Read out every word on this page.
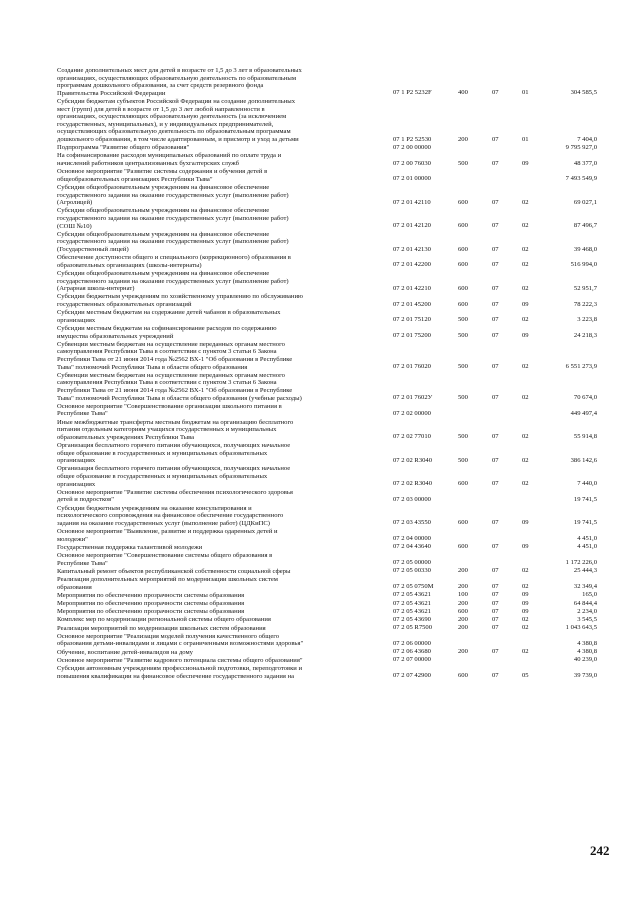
Создание дополнительных мест для детей в возрасте от 1,5 до 3 лет в образовательных
организациях, осуществляющих образовательную деятельность по образовательным
программам дошкольного образования, за счет средств резервного фонда
Правительства Российской Федерации	07 1 P2 5232F	400	07	01	304 585,5
Субсидии бюджетам субъектов Российской Федерации на создание дополнительных
мест (групп) для детей в возрасте от 1,5 до 3 лет любой направленности в
организациях, осуществляющих образовательную деятельность (за исключением
государственных, муниципальных), и у индивидуальных предпринимателей,
осуществляющих образовательную деятельность по образовательным программам
дошкольного образования, в том числе адаптированным, и присмотр и уход за детьми	07 1 P2 52530	200	07	01	7 404,0
Подпрограмма "Развитие общего образования"	07 2 00 00000	9 795 927,0
На софинансирование расходов муниципальных образований по оплате труда и
начислений работников централизованных бухгалтерских служб	07 2 00 76030	500	07	09	48 377,0
Основное мероприятие "Развитие системы содержания и обучения детей в
общеобразовательных организациях Республики Тыва"	07 2 01 00000	7 493 549,9
Субсидии общеобразовательным учреждениям на финансовое обеспечение
государственного задания на оказание государственных услуг (выполнение работ)
(Агролицей)	07 2 01 42110	600	07	02	69 027,1
Субсидии общеобразовательным учреждениям на финансовое обеспечение
государственного задания на оказание государственных услуг (выполнение работ)
(СОШ №10)	07 2 01 42120	600	07	02	87 496,7
Субсидии общеобразовательным учреждениям на финансовое обеспечение
государственного задания на оказание государственных услуг (выполнение работ)
(Государственный лицей)	07 2 01 42130	600	07	02	39 468,0
Обеспечение доступности общего и специального (коррекционного) образования в
образовательных организациях (школы-интернаты)	07 2 01 42200	600	07	02	516 994,0
Субсидии общеобразовательным учреждениям на финансовое обеспечение
государственного задания на оказание государственных услуг (выполнение работ)
(Аграрная школа-интернат)	07 2 01 42210	600	07	02	52 951,7
Субсидии бюджетным учреждениям по хозяйственному управлению по обслуживанию
государственных образовательных организаций	07 2 01 45200	600	07	09	78 222,3
Субсидии местным бюджетам на содержание детей чабанов в образовательных
организациях	07 2 01 75120	500	07	02	3 223,8
Субсидии местным бюджетам на софинансирование расходов по содержанию
имущества образовательных учреждений	07 2 01 75200	500	07	09	24 218,3
Субвенции местным бюджетам на осуществление переданных органам местного
самоуправления Республики Тыва в соответствии с пунктом 3 статьи 6 Закона
Республики Тыва от 21 июня 2014 года №2562 ВХ-1 "Об образовании в Республике
Тыва" полномочий Республики Тыва в области общего образования	07 2 01 76020	500	07	02	6 551 273,9
Субвенции местным бюджетам на осуществление переданных органам местного
самоуправления Республики Тыва в соответствии с пунктом 3 статьи 6 Закона
Республики Тыва от 21 июня 2014 года №2562 ВХ-1 "Об образовании в Республике
Тыва" полномочий Республики Тыва в области общего образования (учебные расходы)	07 2 01 7602У	500	07	02	70 674,0
Основное мероприятие "Совершенствование организации школьного питания в
Республике Тыва"	07 2 02 00000	449 497,4
Иные межбюджетные трансферты местным бюджетам на организацию бесплатного
питания отдельным категориям учащихся государственных и муниципальных
образовательных учреждениях Республики Тыва	07 2 02 77010	500	07	02	55 914,8
Организация бесплатного горячего питания обучающихся, получающих начальное
общее образование в государственных и муниципальных образовательных
организациях	07 2 02 R3040	500	07	02	386 142,6
Организация бесплатного горячего питания обучающихся, получающих начальное
общее образование в государственных и муниципальных образовательных
организациях	07 2 02 R3040	600	07	02	7 440,0
Основное мероприятие "Развитие системы обеспечения психологического здоровья
детей и подростков"	07 2 03 00000	19 741,5
Субсидии бюджетным учреждениям на оказание консультирования и
психологического сопровождения на финансовое обеспечение государственного
задания на оказание государственных услуг (выполнение работ) (ЦДКиПС)	07 2 03 43550	600	07	09	19 741,5
Основное мероприятие "Выявление, развитие и поддержка одаренных детей и
молодежи"	07 2 04 00000	4 451,0
Государственная поддержка талантливой молодежи	07 2 04 43640	600	07	09	4 451,0
Основное мероприятие "Совершенствование системы общего образования в
Республике Тыва"	07 2 05 00000	1 172 226,0
Капитальный ремонт объектов республиканской собственности социальной сферы	07 2 05 00330	200	07	02	25 444,3
Реализация дополнительных мероприятий по модернизации школьных систем
образования	07 2 05 0750M	200	07	02	32 349,4
Мероприятия по обеспечению прозрачности системы образования	07 2 05 43621	100	07	09	165,0
Мероприятия по обеспечению прозрачности системы образования	07 2 05 43621	200	07	09	64 844,4
Мероприятия по обеспечению прозрачности системы образования	07 2 05 43621	600	07	09	2 234,0
Комплекс мер по модернизации региональной системы общего образования	07 2 05 43690	200	07	02	3 545,5
Реализация мероприятий по модернизации школьных систем образования	07 2 05 R7500	200	07	02	1 043 643,5
Основное мероприятие "Реализация моделей получения качественного общего
образования детьми-инвалидами и лицами с ограниченными возможностями здоровья"	07 2 06 00000	4 380,8
Обучение, воспитание детей-инвалидов на дому	07 2 06 43680	200	07	02	4 380,8
Основное мероприятие "Развитие кадрового потенциала системы общего образования"	07 2 07 00000	40 239,0
Субсидии автономным учреждениям профессиональной подготовки, переподготовки и
повышения квалификации на финансовое обеспечение государственного задания на	07 2 07 42900	600	07	05	39 739,0
242
